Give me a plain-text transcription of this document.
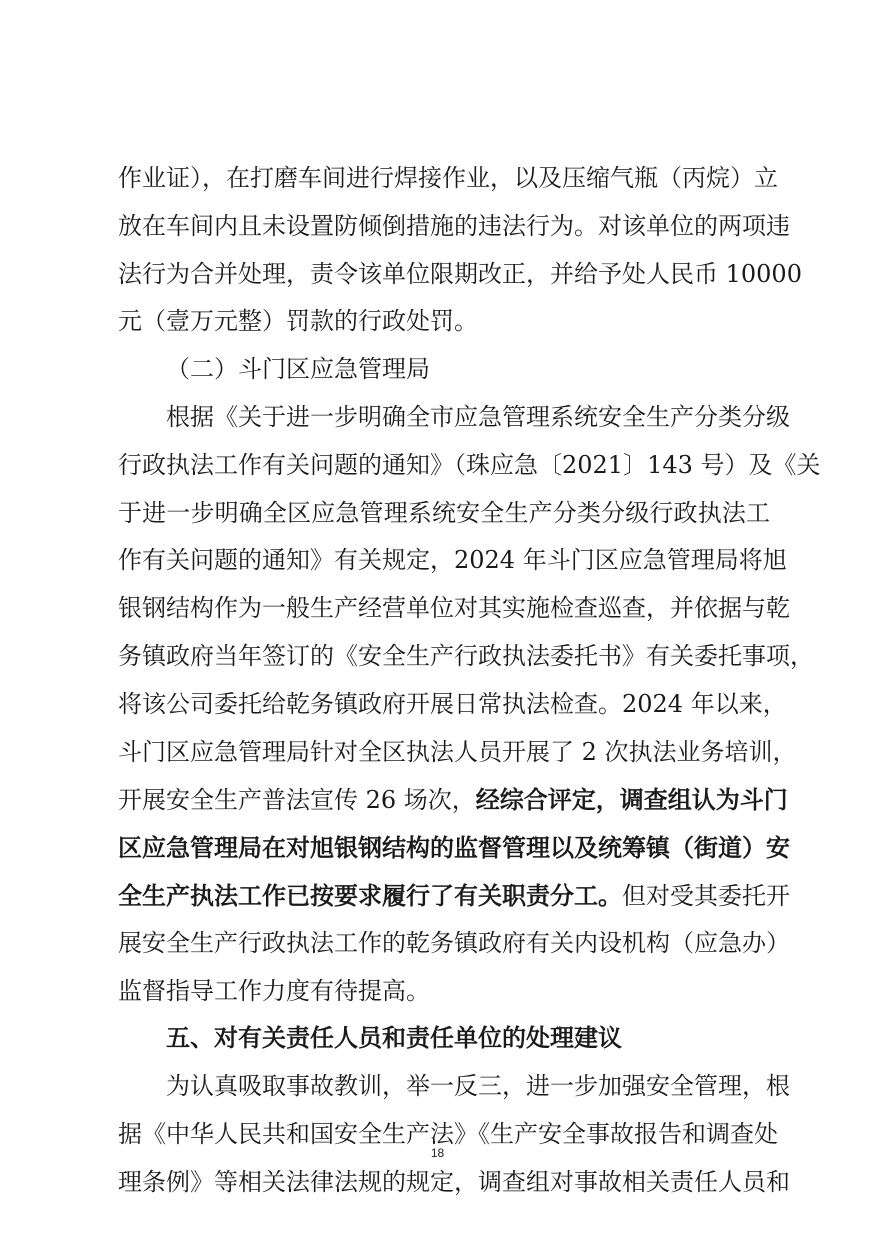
作业证），在打磨车间进行焊接作业，以及压缩气瓶（丙烷）立
放在车间内且未设置防倾倒措施的违法行为。对该单位的两项违
法行为合并处理，责令该单位限期改正，并给予处人民币 10000
元（壹万元整）罚款的行政处罚。
（二）斗门区应急管理局
根据《关于进一步明确全市应急管理系统安全生产分类分级
行政执法工作有关问题的通知》（珠应急〔2021〕143 号）及《关
于进一步明确全区应急管理系统安全生产分类分级行政执法工
作有关问题的通知》有关规定，2024 年斗门区应急管理局将旭
银钢结构作为一般生产经营单位对其实施检查巡查，并依据与乾
务镇政府当年签订的《安全生产行政执法委托书》有关委托事项，
将该公司委托给乾务镇政府开展日常执法检查。2024 年以来，
斗门区应急管理局针对全区执法人员开展了 2 次执法业务培训，
开展安全生产普法宣传 26 场次，经综合评定，调查组认为斗门
区应急管理局在对旭银钢结构的监督管理以及统筹镇（街道）安
全生产执法工作已按要求履行了有关职责分工。但对受其委托开
展安全生产行政执法工作的乾务镇政府有关内设机构（应急办）
监督指导工作力度有待提高。
五、对有关责任人员和责任单位的处理建议
为认真吸取事故教训，举一反三，进一步加强安全管理，根
据《中华人民共和国安全生产法》《生产安全事故报告和调查处
理条例》等相关法律法规的规定，调查组对事故相关责任人员和
18
